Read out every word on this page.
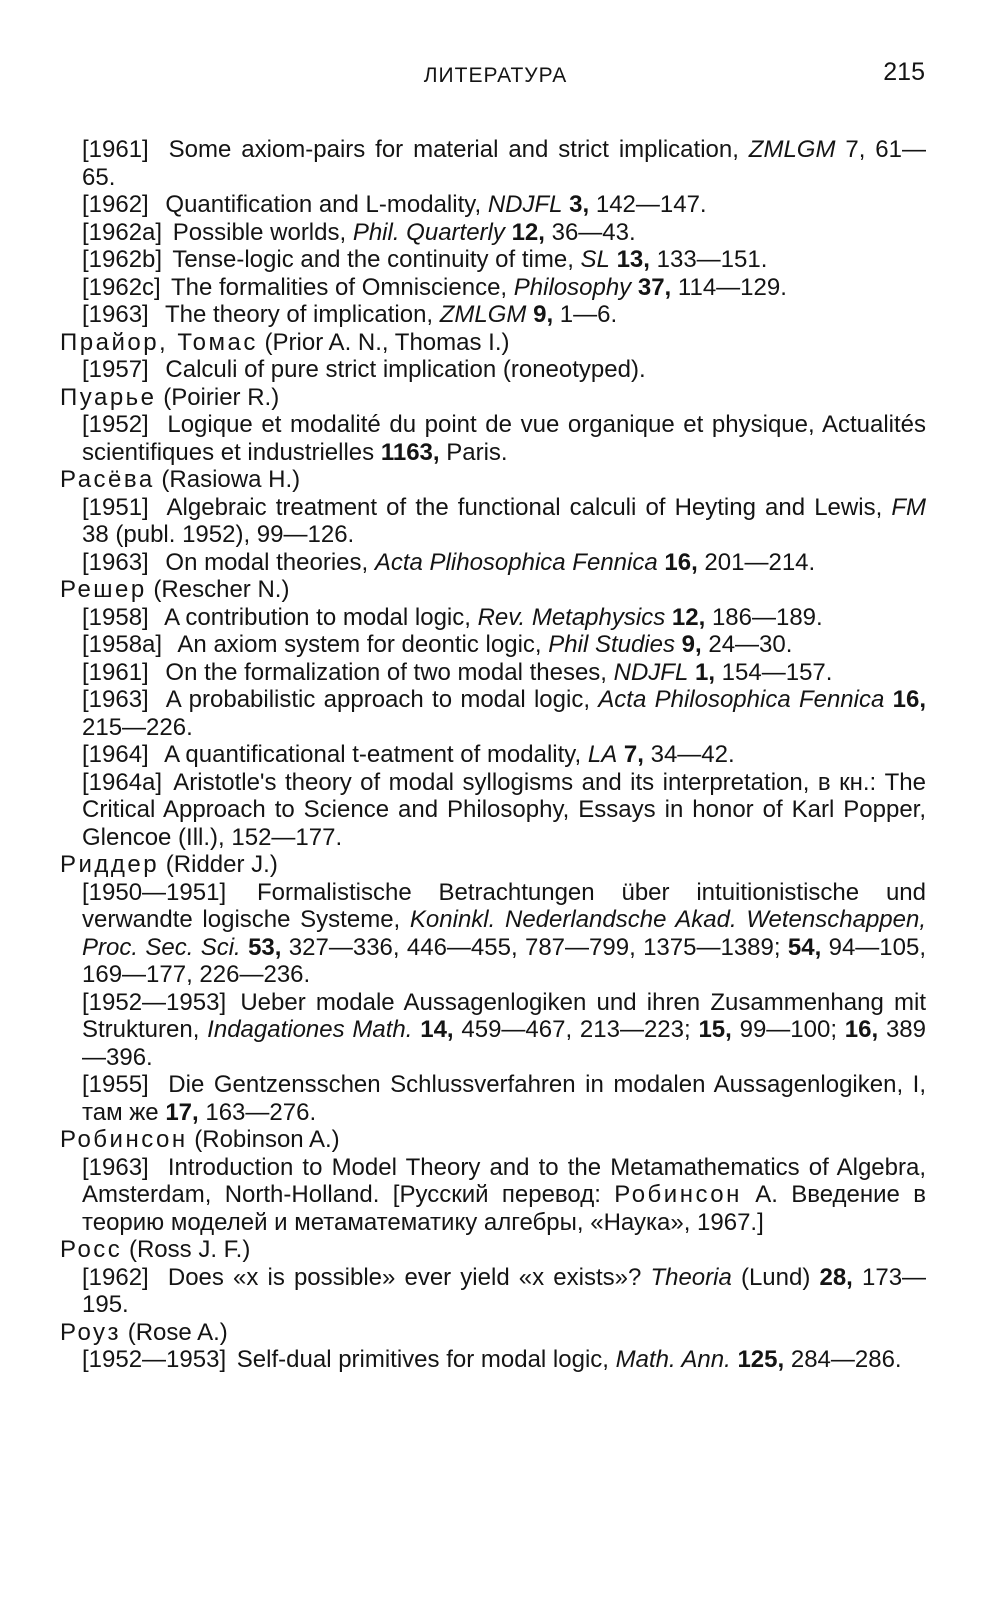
ЛИТЕРАТУРА	215

[1961] Some axiom-pairs for material and strict implication, ZMLGM 7, 61—65.

[1962] Quantification and L-modality, NDJFL 3, 142—147.

[1962a] Possible worlds, Phil. Quarterly 12, 36—43.

[1962b] Tense-logic and the continuity of time, SL 13, 133—151.

[1962c] The formalities of Omniscience, Philosophy 37, 114—129.

[1963] The theory of implication, ZMLGM 9, 1—6.

Прайор, Томас (Prior A. N., Thomas I.)

[1957] Calculi of pure strict implication (roneotyped).

Пуарье (Poirier R.)

[1952] Logique et modalité du point de vue organique et physique, Actualités scientifiques et industrielles 1163, Paris.

Расёва (Rasiowa H.)

[1951] Algebraic treatment of the functional calculi of Heyting and Lewis, FM 38 (publ. 1952), 99—126.

[1963] On modal theories, Acta Plihosophica Fennica 16, 201—214.

Решер (Rescher N.)

[1958] A contribution to modal logic, Rev. Metaphysics 12, 186—189.

[1958a] An axiom system for deontic logic, Phil Studies 9, 24—30.

[1961] On the formalization of two modal theses, NDJFL 1, 154—157.

[1963] A probabilistic approach to modal logic, Acta Philosophica Fennica 16, 215—226.

[1964] A quantificational t-eatment of modality, LA 7, 34—42.

[1964a] Aristotle's theory of modal syllogisms and its interpretation, в кн.: The Critical Approach to Science and Philosophy, Essays in honor of Karl Popper, Glencoe (Ill.), 152—177.

Риддер (Ridder J.)

[1950—1951] Formalistische Betrachtungen über intuitionistische und verwandte logische Systeme, Koninkl. Nederlandsche Akad. Wetenschappen, Proc. Sec. Sci. 53, 327—336, 446—455, 787—799, 1375—1389; 54, 94—105, 169—177, 226—236.

[1952—1953] Ueber modale Aussagenlogiken und ihren Zusammenhang mit Strukturen, Indagationes Math. 14, 459—467, 213—223; 15, 99—100; 16, 389—396.

[1955] Die Gentzensschen Schlussverfahren in modalen Aussagenlogiken, I, там же 17, 163—276.

Робинсон (Robinson A.)

[1963] Introduction to Model Theory and to the Metamathematics of Algebra, Amsterdam, North-Holland. [Русский перевод: Робинсон А. Введение в теорию моделей и метаматематику алгебры, «Наука», 1967.]

Росс (Ross J. F.)

[1962] Does «x is possible» ever yield «x exists»? Theoria (Lund) 28, 173—195.

Роуз (Rose A.)

[1952—1953] Self-dual primitives for modal logic, Math. Ann. 125, 284—286.
